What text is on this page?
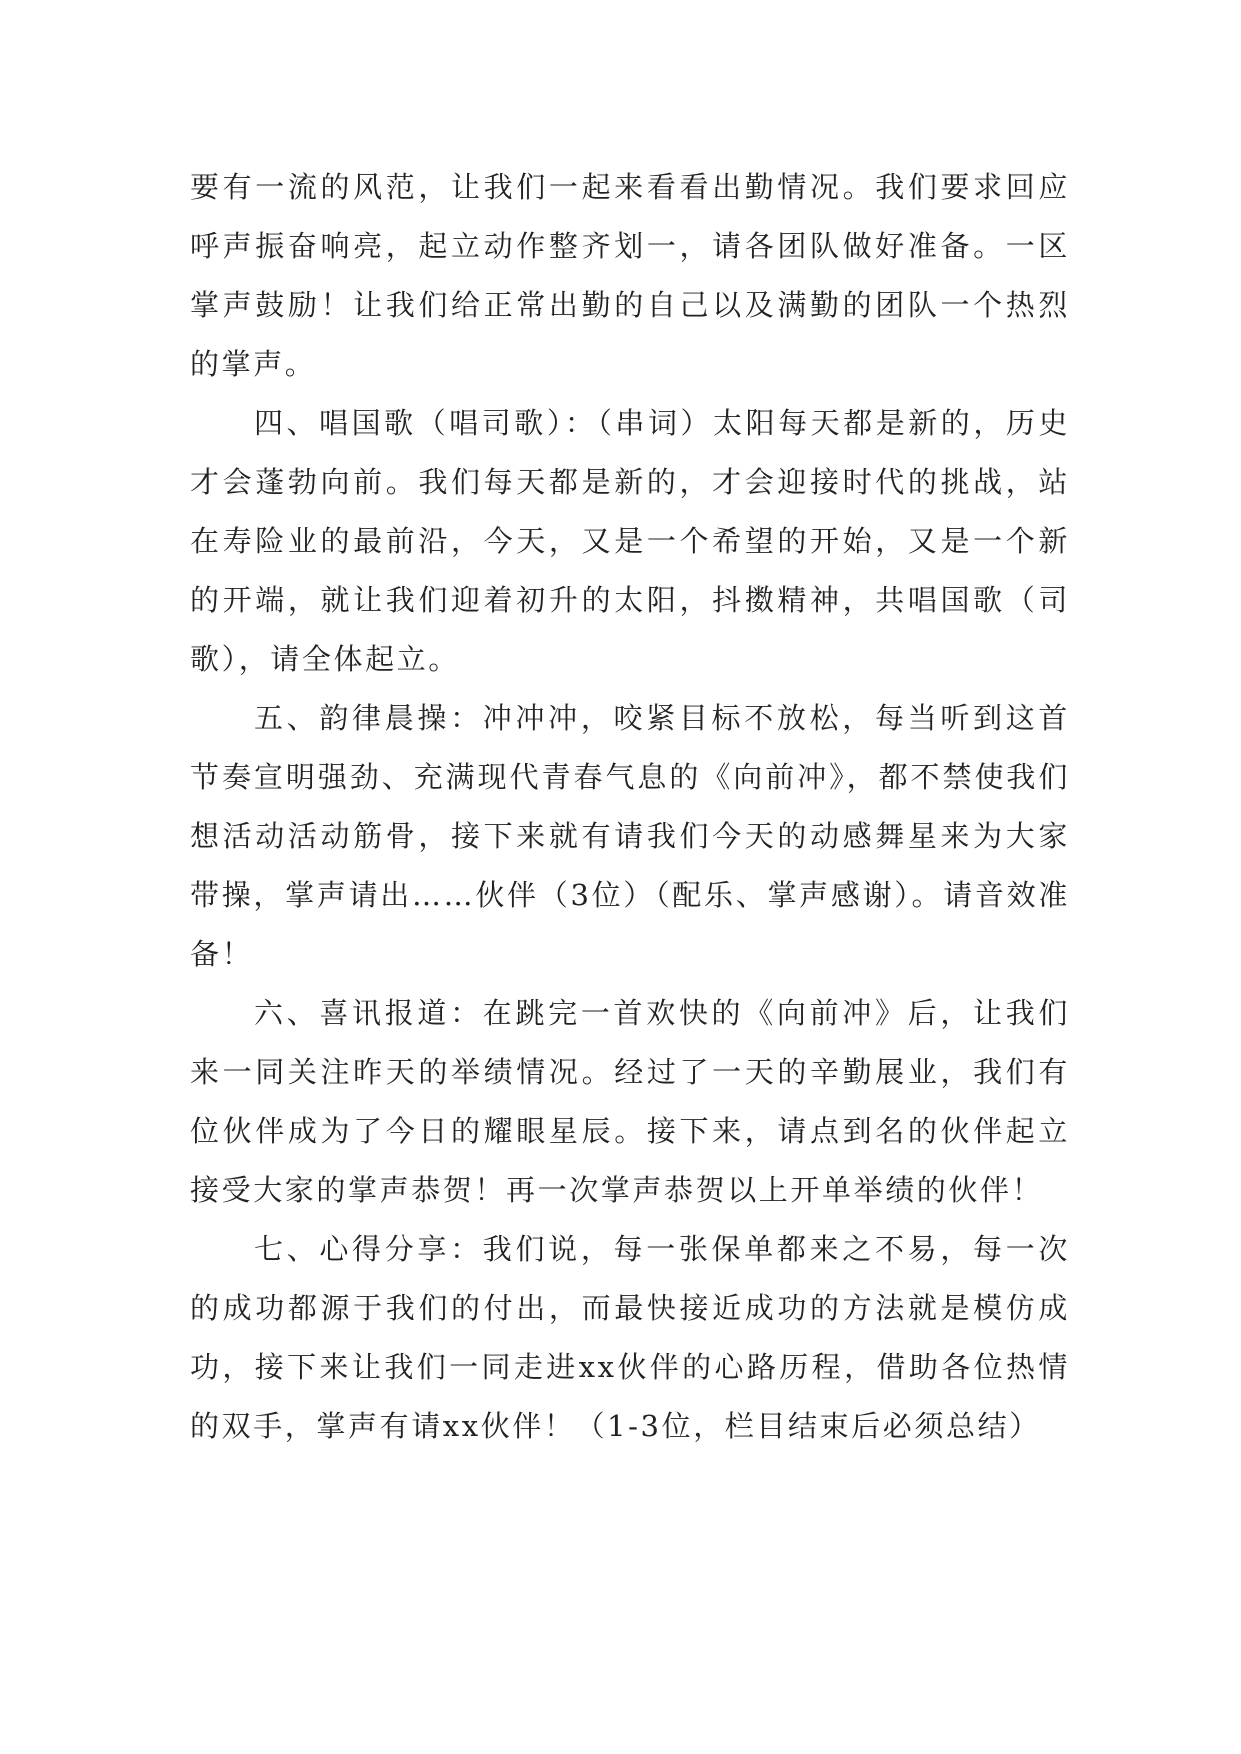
要有一流的风范，让我们一起来看看出勤情况。我们要求回应呼声振奋响亮，起立动作整齐划一，请各团队做好准备。一区掌声鼓励！让我们给正常出勤的自己以及满勤的团队一个热烈的掌声。

四、唱国歌（唱司歌）：（串词）太阳每天都是新的，历史才会蓬勃向前。我们每天都是新的，才会迎接时代的挑战，站在寿险业的最前沿，今天，又是一个希望的开始，又是一个新的开端，就让我们迎着初升的太阳，抖擞精神，共唱国歌（司歌），请全体起立。

五、韵律晨操：冲冲冲，咬紧目标不放松，每当听到这首节奏宣明强劲、充满现代青春气息的《向前冲》，都不禁使我们想活动活动筋骨，接下来就有请我们今天的动感舞星来为大家带操，掌声请出……伙伴（3位）（配乐、掌声感谢）。请音效准备！

六、喜讯报道：在跳完一首欢快的《向前冲》后，让我们来一同关注昨天的举绩情况。经过了一天的辛勤展业，我们有位伙伴成为了今日的耀眼星辰。接下来，请点到名的伙伴起立接受大家的掌声恭贺！再一次掌声恭贺以上开单举绩的伙伴！

七、心得分享：我们说，每一张保单都来之不易，每一次的成功都源于我们的付出，而最快接近成功的方法就是模仿成功，接下来让我们一同走进xx伙伴的心路历程，借助各位热情的双手，掌声有请xx伙伴！（1-3位，栏目结束后必须总结）
